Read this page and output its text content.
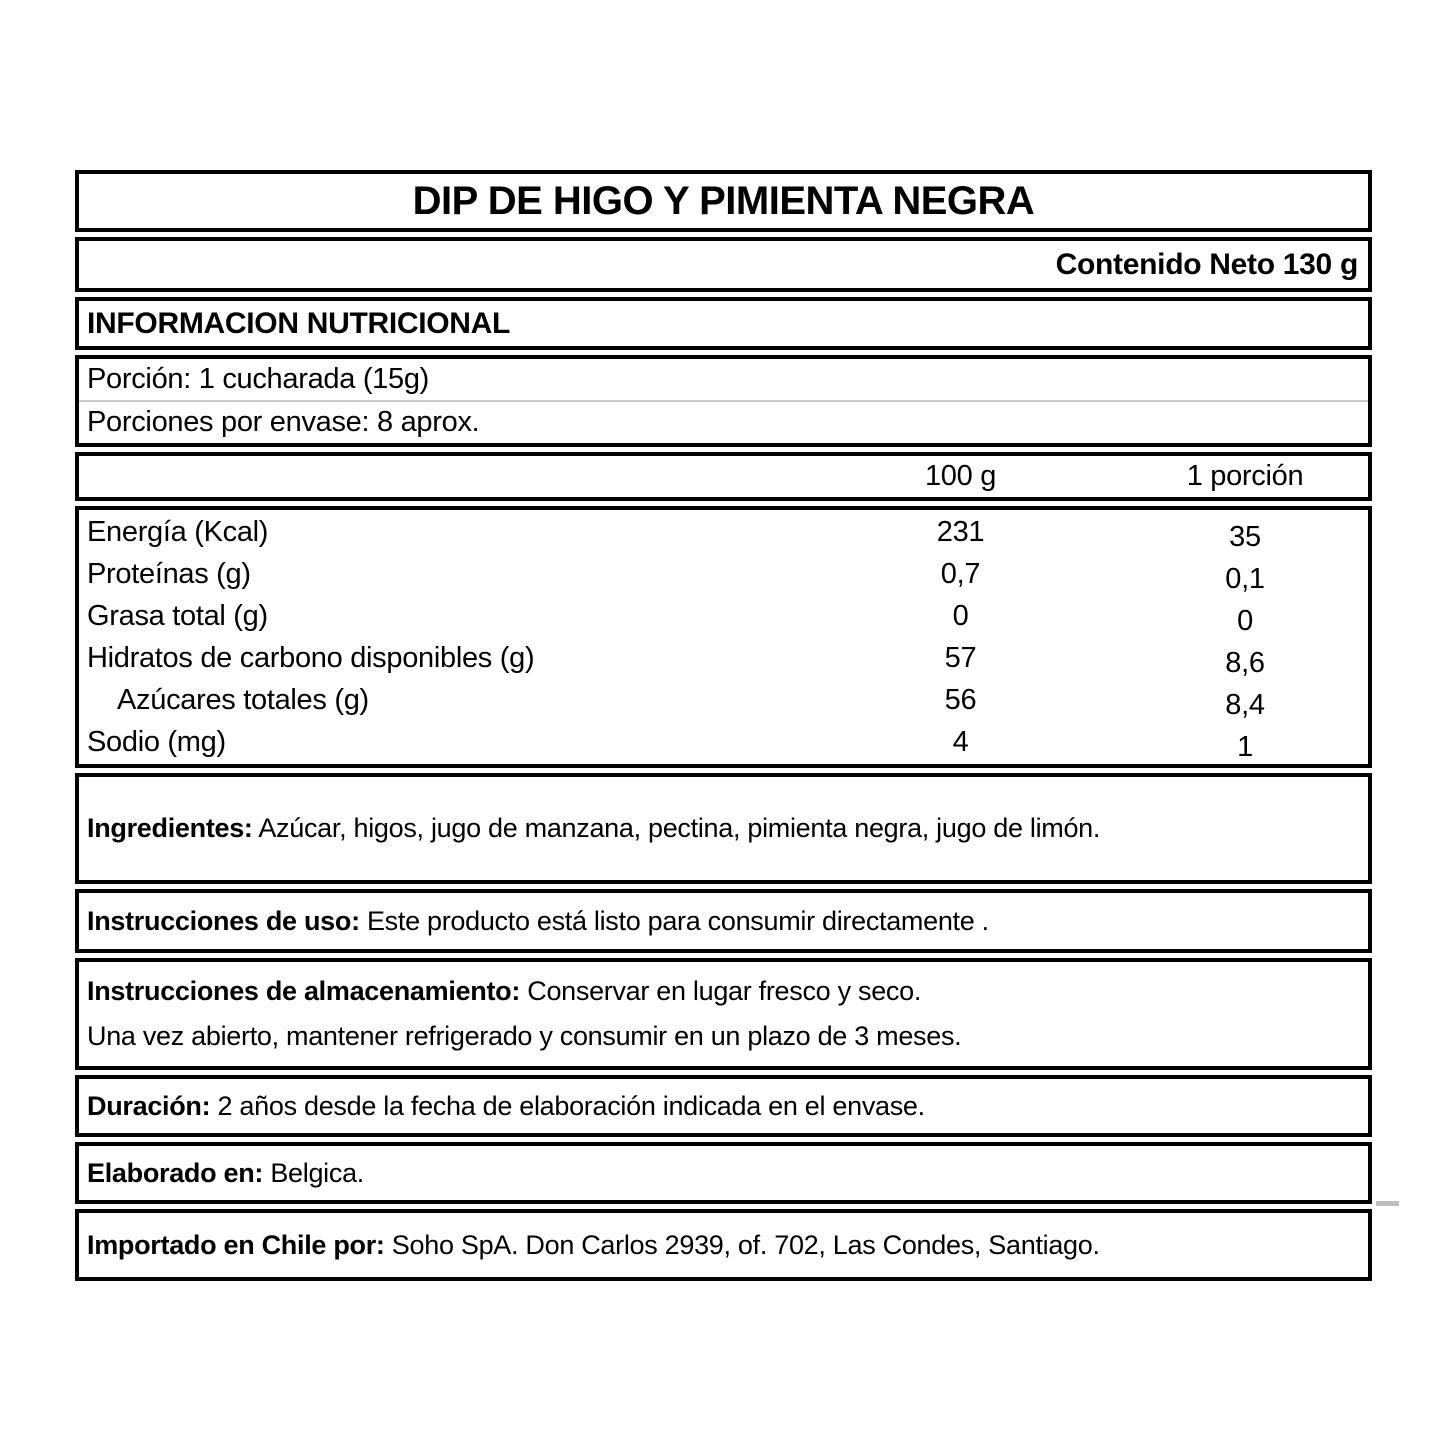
DIP DE HIGO Y PIMIENTA NEGRA
Contenido Neto 130 g
INFORMACION NUTRICIONAL
Porción: 1 cucharada (15g)
Porciones por envase: 8 aprox.
100 g	1 porción
Energía (Kcal)	231	35
Proteínas (g)	0,7	0,1
Grasa total (g)	0	0
Hidratos de carbono disponibles (g)	57	8,6
Azúcares totales (g)	56	8,4
Sodio (mg)	4	1
Ingredientes: Azúcar, higos, jugo de manzana, pectina, pimienta negra, jugo de limón.
Instrucciones de uso: Este producto está listo para consumir directamente .
Instrucciones de almacenamiento: Conservar en lugar fresco y seco.
Una vez abierto, mantener refrigerado y consumir en un plazo de 3 meses.
Duración: 2 años desde la fecha de elaboración indicada en el envase.
Elaborado en: Belgica.
Importado en Chile por: Soho SpA. Don Carlos 2939, of. 702, Las Condes, Santiago.
